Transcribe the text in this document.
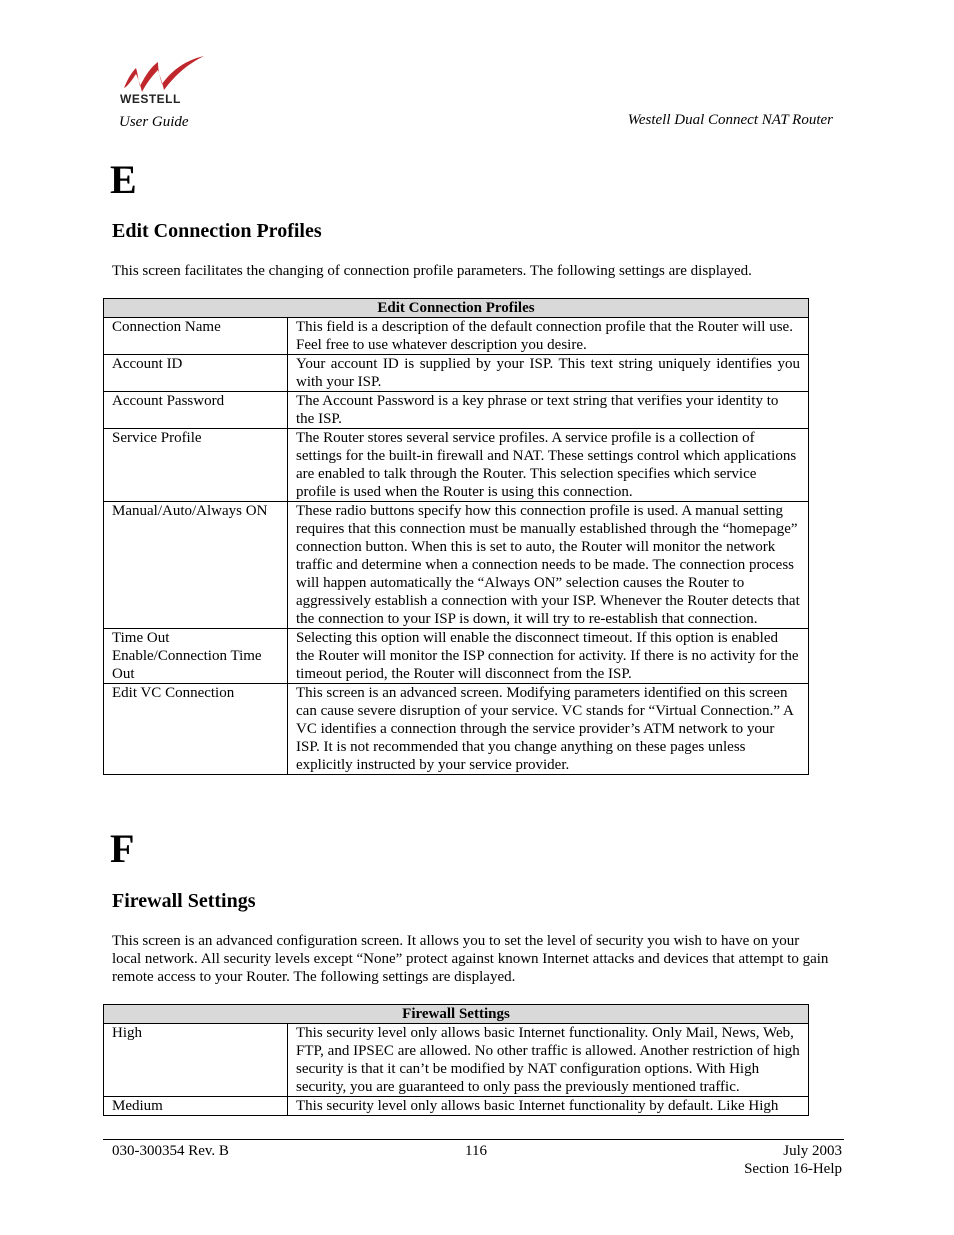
WESTELL
User Guide	Westell Dual Connect NAT Router
E
Edit Connection Profiles
This screen facilitates the changing of connection profile parameters. The following settings are displayed.
Edit Connection Profiles	
Connection Name	This field is a description of the default connection profile that the Router will use. Feel free to use whatever description you desire.
Account ID	Your account ID is supplied by your ISP. This text string uniquely identifies you with your ISP.
Account Password	The Account Password is a key phrase or text string that verifies your identity to the ISP.
Service Profile	The Router stores several service profiles. A service profile is a collection of settings for the built-in firewall and NAT. These settings control which applications are enabled to talk through the Router. This selection specifies which service profile is used when the Router is using this connection.
Manual/Auto/Always ON	These radio buttons specify how this connection profile is used. A manual setting requires that this connection must be manually established through the “homepage” connection button. When this is set to auto, the Router will monitor the network traffic and determine when a connection needs to be made. The connection process will happen automatically the “Always ON” selection causes the Router to aggressively establish a connection with your ISP. Whenever the Router detects that the connection to your ISP is down, it will try to re-establish that connection.
Time Out Enable/Connection Time Out	Selecting this option will enable the disconnect timeout. If this option is enabled the Router will monitor the ISP connection for activity. If there is no activity for the timeout period, the Router will disconnect from the ISP.
Edit VC Connection	This screen is an advanced screen. Modifying parameters identified on this screen can cause severe disruption of your service. VC stands for “Virtual Connection.” A VC identifies a connection through the service provider’s ATM network to your ISP. It is not recommended that you change anything on these pages unless explicitly instructed by your service provider.
F
Firewall Settings
This screen is an advanced configuration screen. It allows you to set the level of security you wish to have on your local network. All security levels except “None” protect against known Internet attacks and devices that attempt to gain remote access to your Router. The following settings are displayed.
Firewall Settings	
High	This security level only allows basic Internet functionality. Only Mail, News, Web, FTP, and IPSEC are allowed. No other traffic is allowed. Another restriction of high security is that it can’t be modified by NAT configuration options. With High security, you are guaranteed to only pass the previously mentioned traffic.
Medium	This security level only allows basic Internet functionality by default. Like High
030-300354 Rev. B	116	July 2003
Section 16-Help
